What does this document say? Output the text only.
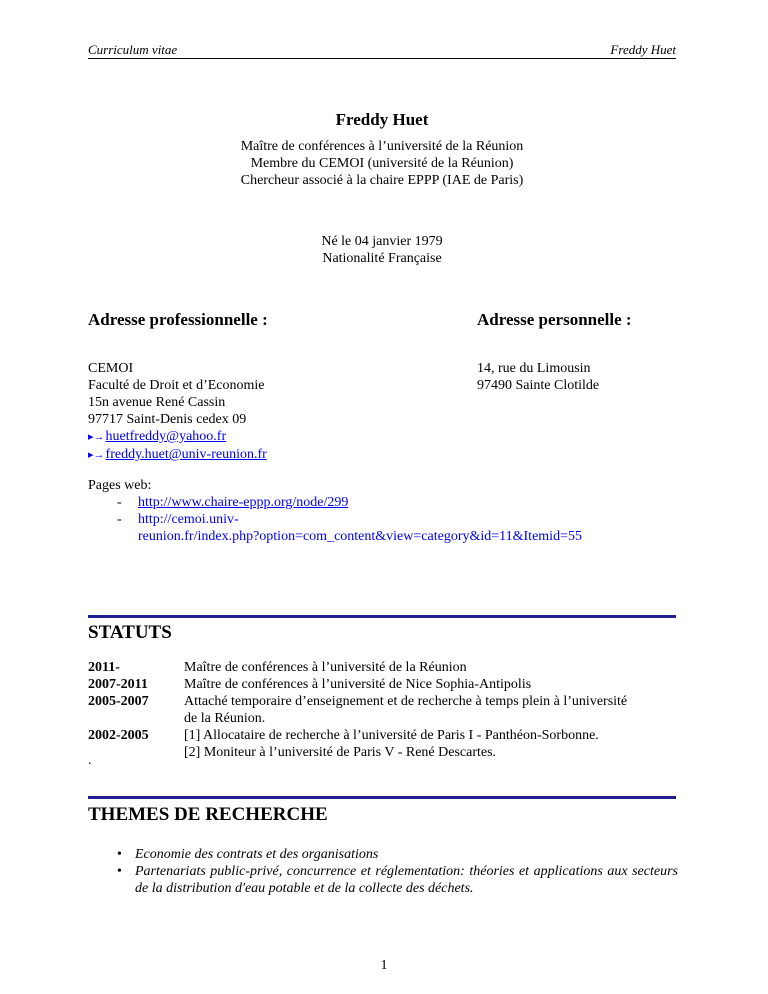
Curriculum vitae	Freddy Huet
Freddy Huet
Maître de conférences à l’université de la Réunion
Membre du CEMOI (université de la Réunion)
Chercheur associé à la chaire EPPP (IAE de Paris)
Né le 04 janvier 1979
Nationalité Française
Adresse professionnelle :	Adresse personnelle :
CEMOI
Faculté de Droit et d’Economie
15n avenue René Cassin
97717 Saint-Denis cedex 09
▸→huetfreddy@yahoo.fr
▸→freddy.huet@univ-reunion.fr
14, rue du Limousin
97490 Sainte Clotilde
Pages web:
- http://www.chaire-eppp.org/node/299
- http://cemoi.univ-
reunion.fr/index.php?option=com_content&view=category&id=11&Itemid=55
STATUTS
2011-	Maître de conférences à l’université de la Réunion
2007-2011	Maître de conférences à l’université de Nice Sophia-Antipolis
2005-2007	Attaché temporaire d’enseignement et de recherche à temps plein à l’université
de la Réunion.
2002-2005	[1] Allocataire de recherche à l’université de Paris I - Panthéon-Sorbonne.
[2] Moniteur à l’université de Paris V - René Descartes.
.
THEMES DE RECHERCHE
• Economie des contrats et des organisations
• Partenariats public-privé, concurrence et réglementation: théories et applications aux secteurs de la distribution d'eau potable et de la collecte des déchets.
1
